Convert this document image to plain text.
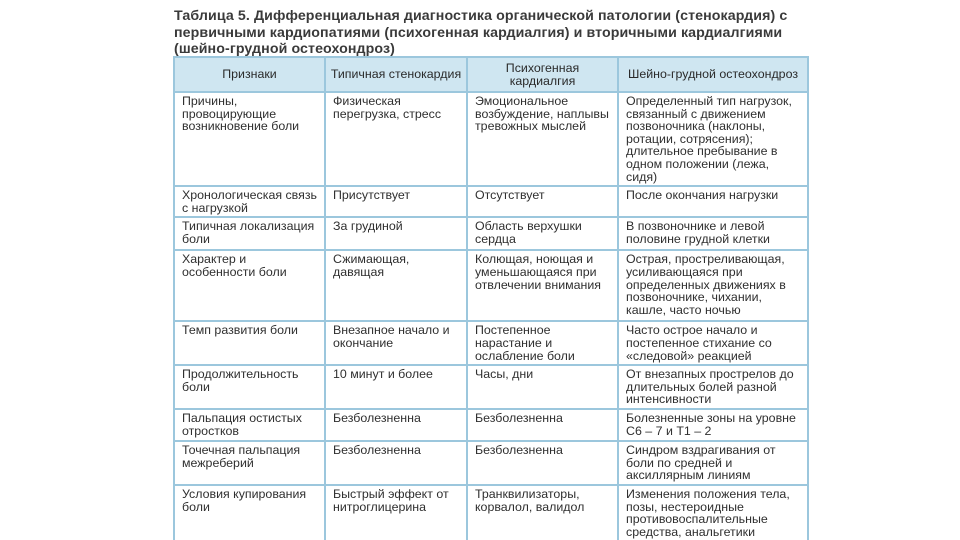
Таблица 5. Дифференциальная диагностика органической патологии (стенокардия) с первичными кардиопатиями (психогенная кардиалгия) и вторичными кардиалгиями (шейно-грудной остеохондроз)
Признаки	Типичная стенокардия	Психогенная кардиалгия	Шейно-грудной остеохондроз
Причины, провоцирующие возникновение боли	Физическая перегрузка, стресс	Эмоциональное возбуждение, наплывы тревожных мыслей	Определенный тип нагрузок, связанный с движением позвоночника (наклоны, ротации, сотрясения); длительное пребывание в одном положении (лежа, сидя)
Хронологическая связь с нагрузкой	Присутствует	Отсутствует	После окончания нагрузки
Типичная локализация боли	За грудиной	Область верхушки сердца	В позвоночнике и левой половине грудной клетки
Характер и особенности боли	Сжимающая, давящая	Колющая, ноющая и уменьшающаяся при отвлечении внимания	Острая, простреливающая, усиливающаяся при определенных движениях в позвоночнике, чихании, кашле, часто ночью
Темп развития боли	Внезапное начало и окончание	Постепенное нарастание и ослабление боли	Часто острое начало и постепенное стихание со «следовой» реакцией
Продолжительность боли	10 минут и более	Часы, дни	От внезапных прострелов до длительных болей разной интенсивности
Пальпация остистых отростков	Безболезненна	Безболезненна	Болезненные зоны на уровне С6 – 7 и Т1 – 2
Точечная пальпация межреберий	Безболезненна	Безболезненна	Синдром вздрагивания от боли по средней и аксиллярным линиям
Условия купирования боли	Быстрый эффект от нитроглицерина	Транквилизаторы, корвалол, валидол	Изменения положения тела, позы, нестероидные противовоспалительные средства, анальгетики
